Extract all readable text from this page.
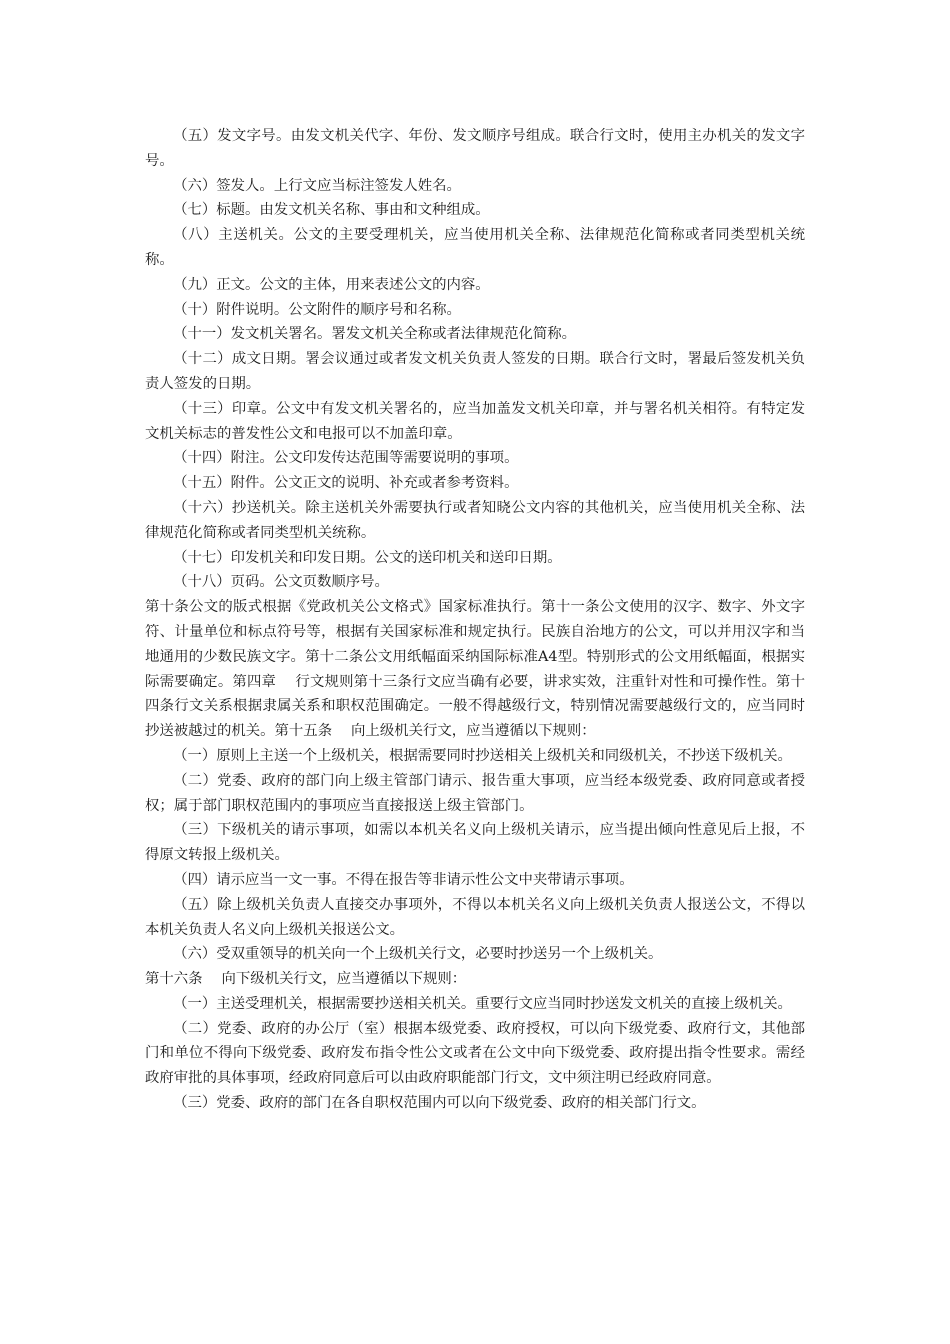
（五）发文字号。由发文机关代字、年份、发文顺序号组成。联合行文时，使用主办机关的发文字号。

（六）签发人。上行文应当标注签发人姓名。

（七）标题。由发文机关名称、事由和文种组成。

（八）主送机关。公文的主要受理机关，应当使用机关全称、法律规范化简称或者同类型机关统称。

（九）正文。公文的主体，用来表述公文的内容。

（十）附件说明。公文附件的顺序号和名称。

（十一）发文机关署名。署发文机关全称或者法律规范化简称。

（十二）成文日期。署会议通过或者发文机关负责人签发的日期。联合行文时，署最后签发机关负责人签发的日期。

（十三）印章。公文中有发文机关署名的，应当加盖发文机关印章，并与署名机关相符。有特定发文机关标志的普发性公文和电报可以不加盖印章。

（十四）附注。公文印发传达范围等需要说明的事项。

（十五）附件。公文正文的说明、补充或者参考资料。

（十六）抄送机关。除主送机关外需要执行或者知晓公文内容的其他机关，应当使用机关全称、法律规范化简称或者同类型机关统称。

（十七）印发机关和印发日期。公文的送印机关和送印日期。

（十八）页码。公文页数顺序号。

第十条公文的版式根据《党政机关公文格式》国家标准执行。第十一条公文使用的汉字、数字、外文字符、计量单位和标点符号等，根据有关国家标准和规定执行。民族自治地方的公文，可以并用汉字和当地通用的少数民族文字。第十二条公文用纸幅面采纳国际标准A4型。特别形式的公文用纸幅面，根据实际需要确定。第四章　 行文规则第十三条行文应当确有必要，讲求实效，注重针对性和可操作性。第十四条行文关系根据隶属关系和职权范围确定。一般不得越级行文，特别情况需要越级行文的，应当同时抄送被越过的机关。第十五条　 向上级机关行文，应当遵循以下规则：

（一）原则上主送一个上级机关，根据需要同时抄送相关上级机关和同级机关，不抄送下级机关。

（二）党委、政府的部门向上级主管部门请示、报告重大事项，应当经本级党委、政府同意或者授权；属于部门职权范围内的事项应当直接报送上级主管部门。

（三）下级机关的请示事项，如需以本机关名义向上级机关请示，应当提出倾向性意见后上报，不得原文转报上级机关。

（四）请示应当一文一事。不得在报告等非请示性公文中夹带请示事项。

（五）除上级机关负责人直接交办事项外，不得以本机关名义向上级机关负责人报送公文，不得以本机关负责人名义向上级机关报送公文。

（六）受双重领导的机关向一个上级机关行文，必要时抄送另一个上级机关。

第十六条　 向下级机关行文，应当遵循以下规则：

（一）主送受理机关，根据需要抄送相关机关。重要行文应当同时抄送发文机关的直接上级机关。

（二）党委、政府的办公厅（室）根据本级党委、政府授权，可以向下级党委、政府行文，其他部门和单位不得向下级党委、政府发布指令性公文或者在公文中向下级党委、政府提出指令性要求。需经政府审批的具体事项，经政府同意后可以由政府职能部门行文，文中须注明已经政府同意。

（三）党委、政府的部门在各自职权范围内可以向下级党委、政府的相关部门行文。
